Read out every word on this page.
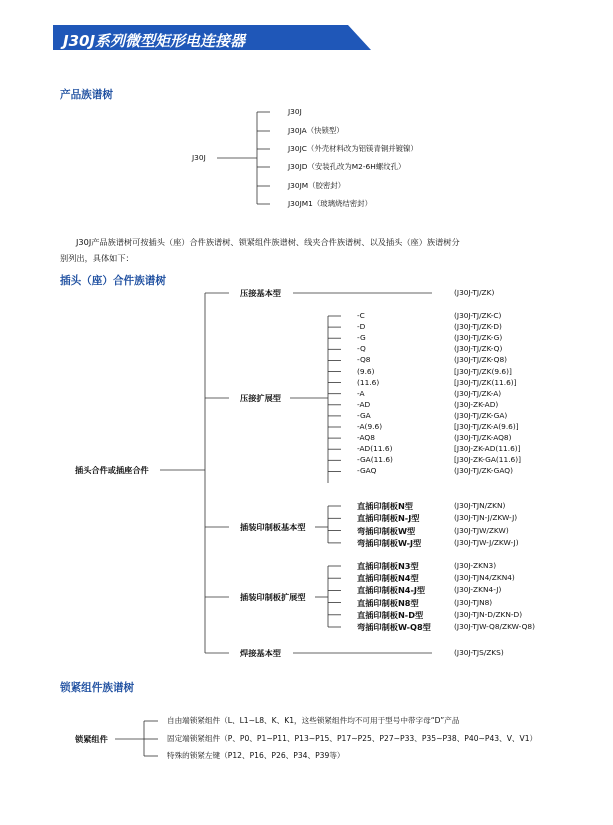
J30J系列微型矩形电连接器
产品族谱树
J30J
J30J
J30JA（快锁型）
J30JC（外壳材料改为铝镁青铜并镀镍）
J30JD（安装孔改为M2-6H螺纹孔）
J30JM（胶密封）
J30JM1（玻璃烧结密封）
J30J产品族谱树可按插头（座）合件族谱树、锁紧组件族谱树、线夹合件族谱树、以及插头（座）族谱树分
别列出，具体如下：
插头（座）合件族谱树
插头合件或插座合件
压接基本型	(J30J-TJ/ZK)
压接扩展型
-C	(J30J-TJ/ZK-C)
-D	(J30J-TJ/ZK-D)
-G	(J30J-TJ/ZK-G)
-Q	(J30J-TJ/ZK-Q)
-Q8	(J30J-TJ/ZK-Q8)
(9.6)	[J30J-TJ/ZK(9.6)]
(11.6)	[J30J-TJ/ZK(11.6)]
-A	(J30J-TJ/ZK-A)
-AD	(J30J-ZK-AD)
-GA	(J30J-TJ/ZK-GA)
-A(9.6)	[J30J-TJ/ZK-A(9.6)]
-AQ8	(J30J-TJ/ZK-AQ8)
-AD(11.6)	[J30J-ZK-AD(11.6)]
-GA(11.6)	[J30J-ZK-GA(11.6)]
-GAQ	(J30J-TJ/ZK-GAQ)
插装印制板基本型
直插印制板N型	(J30J-TJN/ZKN)
直插印制板N-J型	(J30J-TJN-J/ZKW-J)
弯插印制板W型	(J30J-TJW/ZKW)
弯插印制板W-J型	(J30J-TJW-J/ZKW-J)
插装印制板扩展型
直插印制板N3型	(J30J-ZKN3)
直插印制板N4型	(J30J-TJN4/ZKN4)
直插印制板N4-J型	(J30J-ZKN4-J)
直插印制板N8型	(J30J-TJN8)
直插印制板N-D型	(J30J-TJN-D/ZKN-D)
弯插印制板W-Q8型	(J30J-TJW-Q8/ZKW-Q8)
焊接基本型	(J30J-TJS/ZKS)
锁紧组件族谱树
锁紧组件
自由端锁紧组件（L、L1~L8、K、K1，这些锁紧组件均不可用于型号中带字母“D”产品
固定端锁紧组件（P、P0、P1~P11、P13~P15、P17~P25、P27~P33、P35~P38、P40~P43、V、V1）
特殊的锁紧左键（P12、P16、P26、P34、P39等）
